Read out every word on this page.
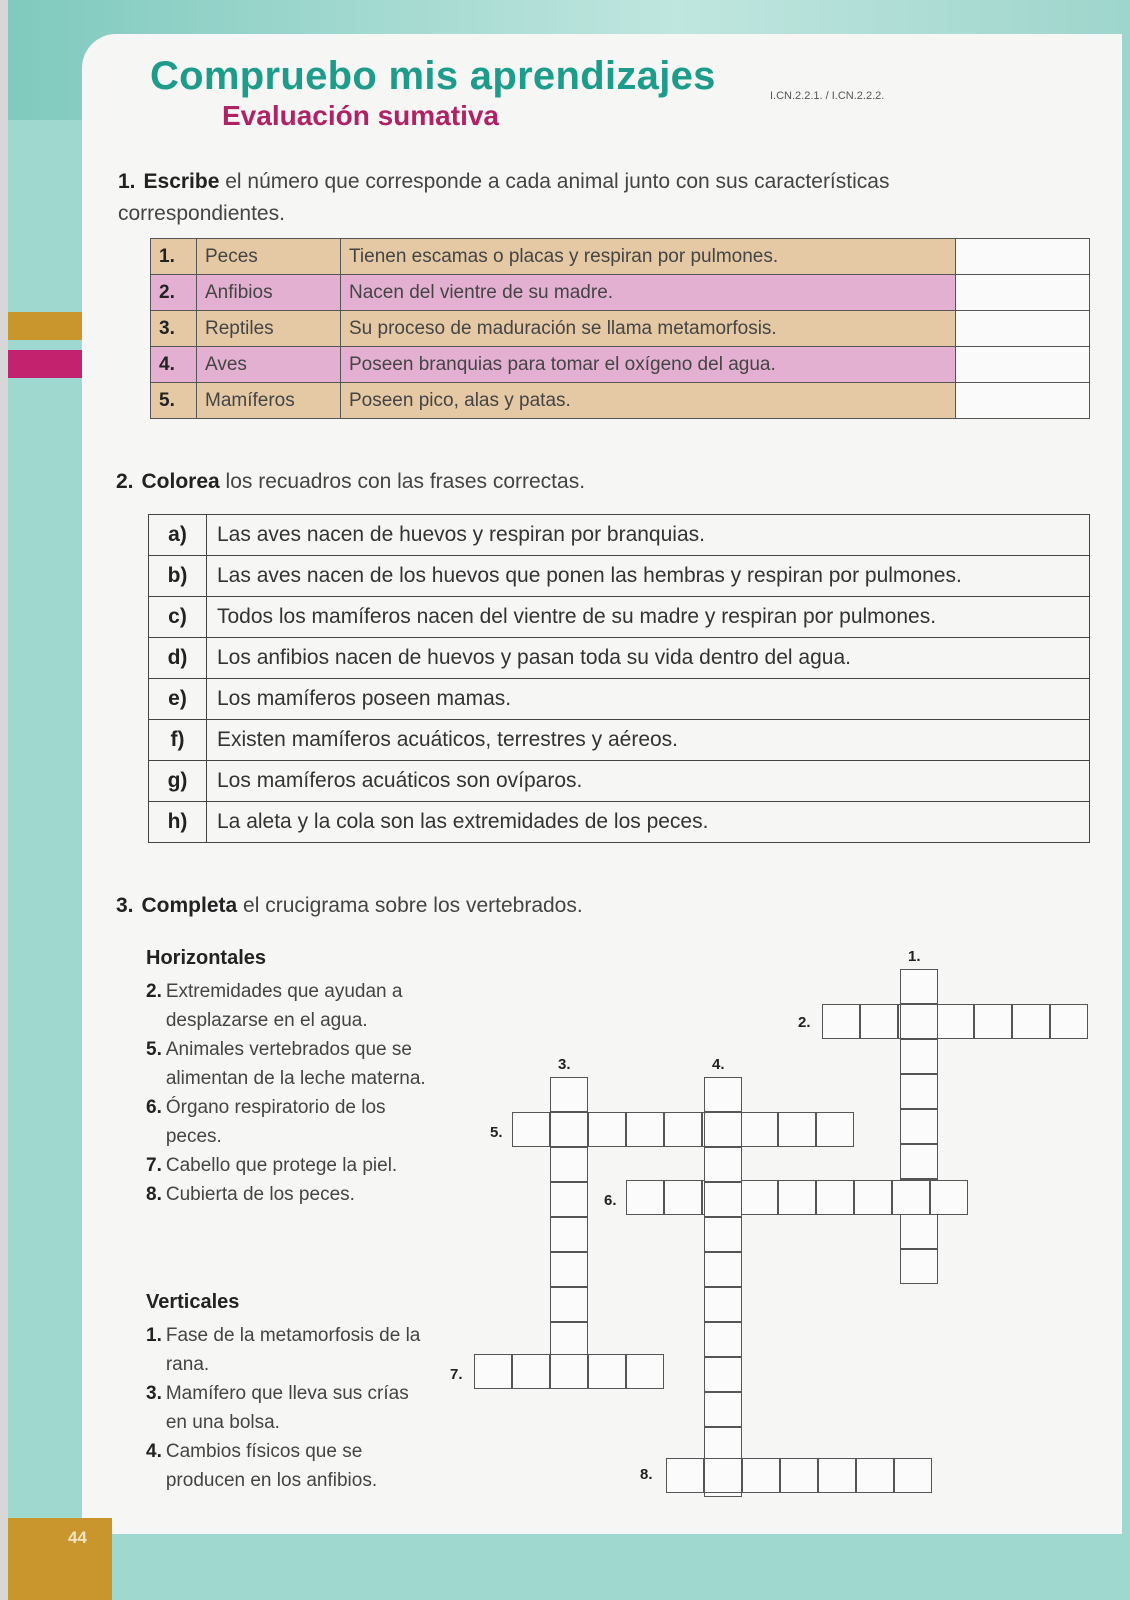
44
Compruebo mis aprendizajes
Evaluación sumativa
I.CN.2.2.1. / I.CN.2.2.2.
1. Escribe el número que corresponde a cada animal junto con sus características correspondientes.
1.	Peces	Tienen escamas o placas y respiran por pulmones.	
2.	Anfibios	Nacen del vientre de su madre.	
3.	Reptiles	Su proceso de maduración se llama metamorfosis.	
4.	Aves	Poseen branquias para tomar el oxígeno del agua.	
5.	Mamíferos	Poseen pico, alas y patas.	
2. Colorea los recuadros con las frases correctas.
a)	Las aves nacen de huevos y respiran por branquias.
b)	Las aves nacen de los huevos que ponen las hembras y respiran por pulmones.
c)	Todos los mamíferos nacen del vientre de su madre y respiran por pulmones.
d)	Los anfibios nacen de huevos y pasan toda su vida dentro del agua.
e)	Los mamíferos poseen mamas.
f)	Existen mamíferos acuáticos, terrestres y aéreos.
g)	Los mamíferos acuáticos son ovíparos.
h)	La aleta y la cola son las extremidades de los peces.
3. Completa el crucigrama sobre los vertebrados.
Horizontales
2. Extremidades que ayudan a desplazarse en el agua.
5. Animales vertebrados que se alimentan de la leche materna.
6. Órgano respiratorio de los peces.
7. Cabello que protege la piel.
8. Cubierta de los peces.
Verticales
1. Fase de la metamorfosis de la rana.
3. Mamífero que lleva sus crías en una bolsa.
4. Cambios físicos que se producen en los anfibios.
1.
2.
3.	4.
5.
6.
7.
8.
